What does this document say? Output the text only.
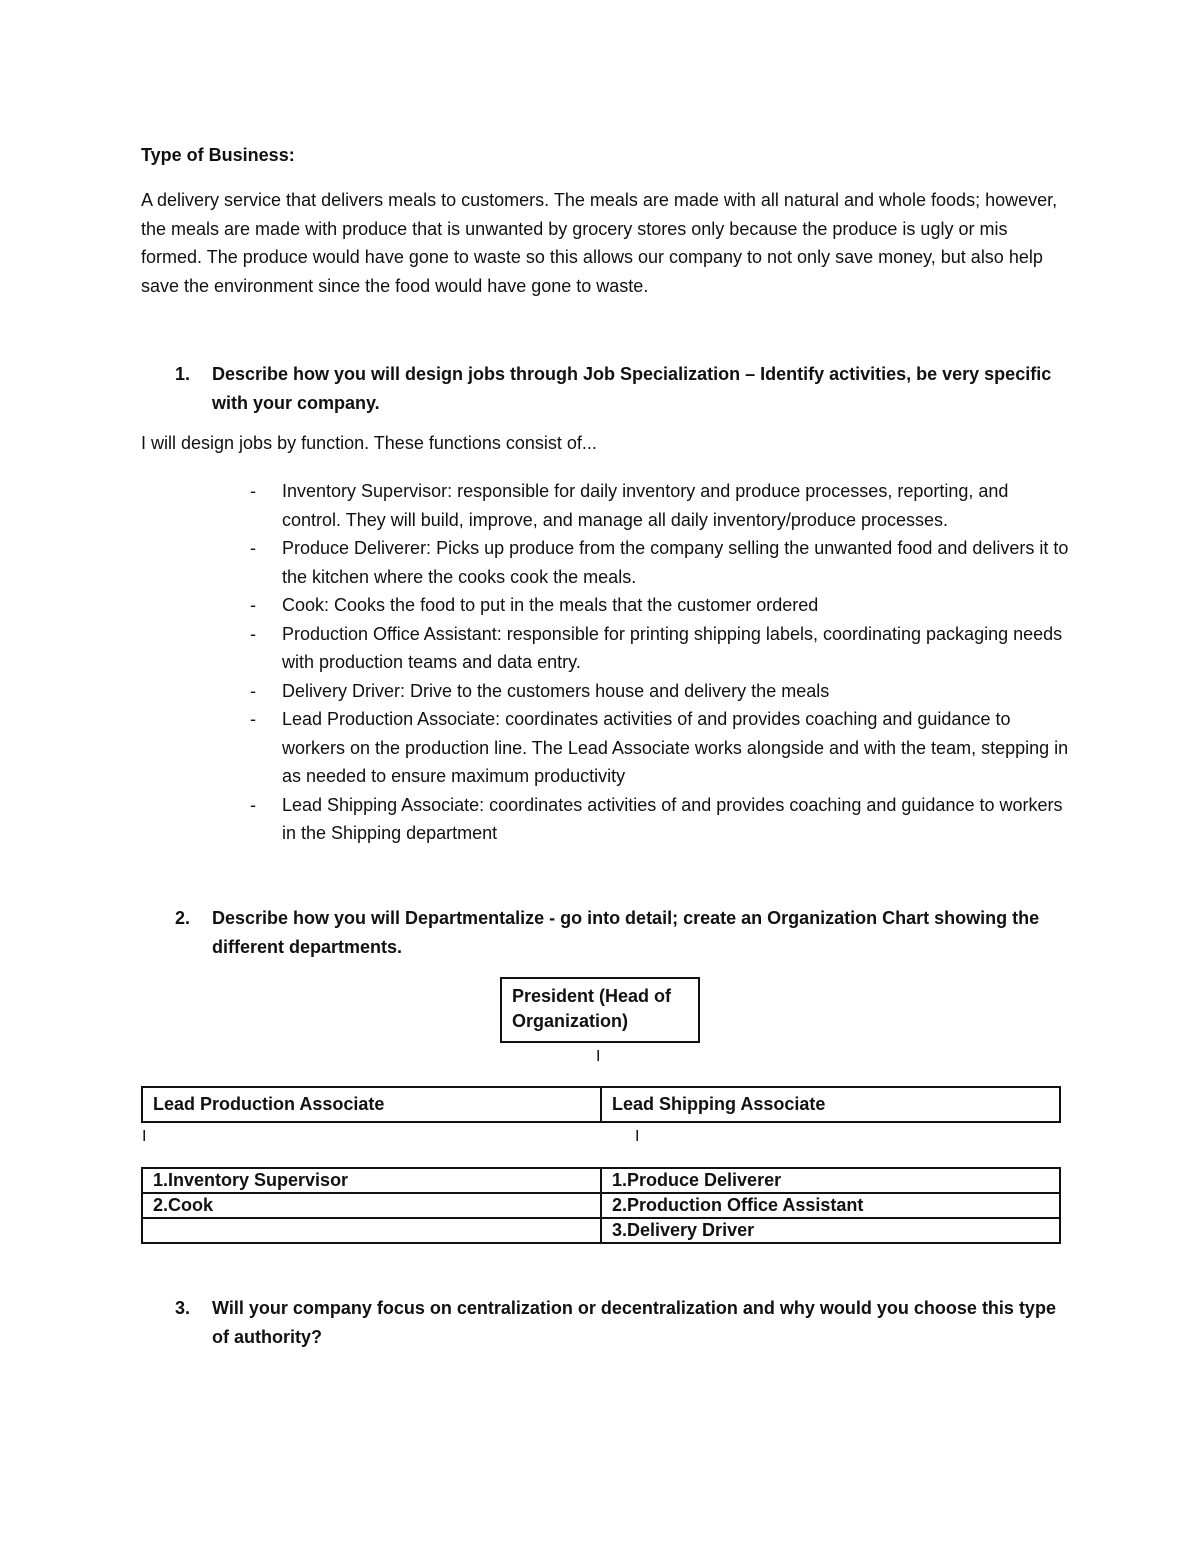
Type of Business:
A delivery service that delivers meals to customers. The meals are made with all natural and whole foods; however, the meals are made with produce that is unwanted by grocery stores only because the produce is ugly or mis formed. The produce would have gone to waste so this allows our company to not only save money, but also help save the environment since the food would have gone to waste.
1. Describe how you will design jobs through Job Specialization – Identify activities, be very specific with your company.
I will design jobs by function. These functions consist of...
- Inventory Supervisor: responsible for daily inventory and produce processes, reporting, and control. They will build, improve, and manage all daily inventory/produce processes.
- Produce Deliverer: Picks up produce from the company selling the unwanted food and delivers it to the kitchen where the cooks cook the meals.
- Cook: Cooks the food to put in the meals that the customer ordered
- Production Office Assistant: responsible for printing shipping labels, coordinating packaging needs with production teams and data entry.
- Delivery Driver: Drive to the customers house and delivery the meals
- Lead Production Associate: coordinates activities of and provides coaching and guidance to workers on the production line. The Lead Associate works alongside and with the team, stepping in as needed to ensure maximum productivity
- Lead Shipping Associate: coordinates activities of and provides coaching and guidance to workers in the Shipping department
2. Describe how you will Departmentalize - go into detail; create an Organization Chart showing the different departments.
President (Head of Organization)
I
Lead Production Associate	Lead Shipping Associate
I	I
1.Inventory Supervisor	1.Produce Deliverer
2.Cook	2.Production Office Assistant
	3.Delivery Driver
3. Will your company focus on centralization or decentralization and why would you choose this type of authority?
